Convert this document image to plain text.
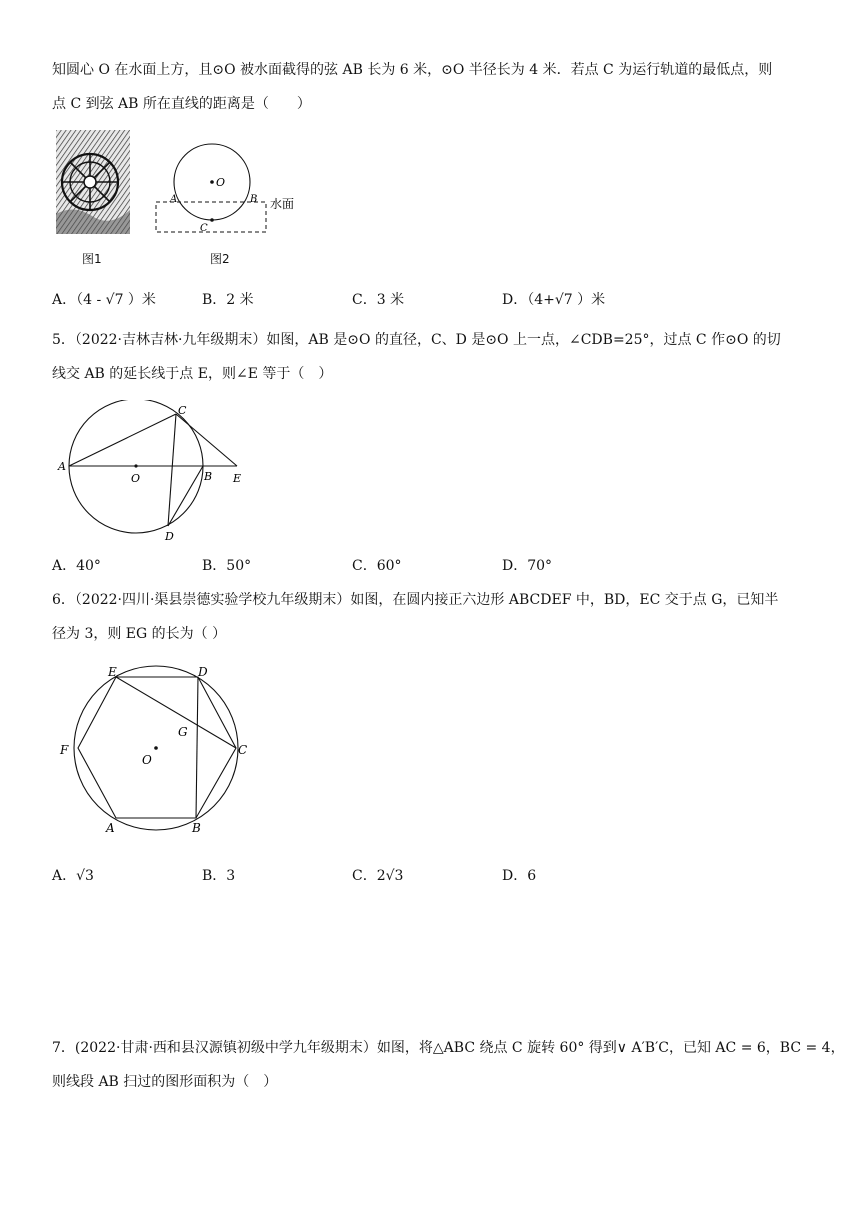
知圆心 O 在水面上方，且⊙O 被水面截得的弦 AB 长为 6 米，⊙O 半径长为 4 米．若点 C 为运行轨道的最低点，则
点 C 到弦 AB 所在直线的距离是（　　）
图1
O
A	B
C
水面
图2
A．（4 - √7 ）米	B．2 米	C．3 米	D．（4+√7 ）米
5．（2022·吉林吉林·九年级期末）如图，AB 是⊙O 的直径，C、D 是⊙O 上一点，∠CDB=25°，过点 C 作⊙O 的切
线交 AB 的延长线于点 E，则∠E 等于（　）
A
O	B
C
D
E
A．40°	B．50°	C．60°	D．70°
6．（2022·四川·渠县崇德实验学校九年级期末）如图，在圆内接正六边形 ABCDEF 中，BD，EC 交于点 G，已知半
径为 3，则 EG 的长为（ ）
E	D
F	C
A	B
G
O
A．√3	B．3	C．2√3	D．6
7．(2022·甘肃·西和县汉源镇初级中学九年级期末）如图，将△ABC 绕点 C 旋转 60° 得到∨ A′B′C，已知 AC = 6，BC = 4，
则线段 AB 扫过的图形面积为（　）
